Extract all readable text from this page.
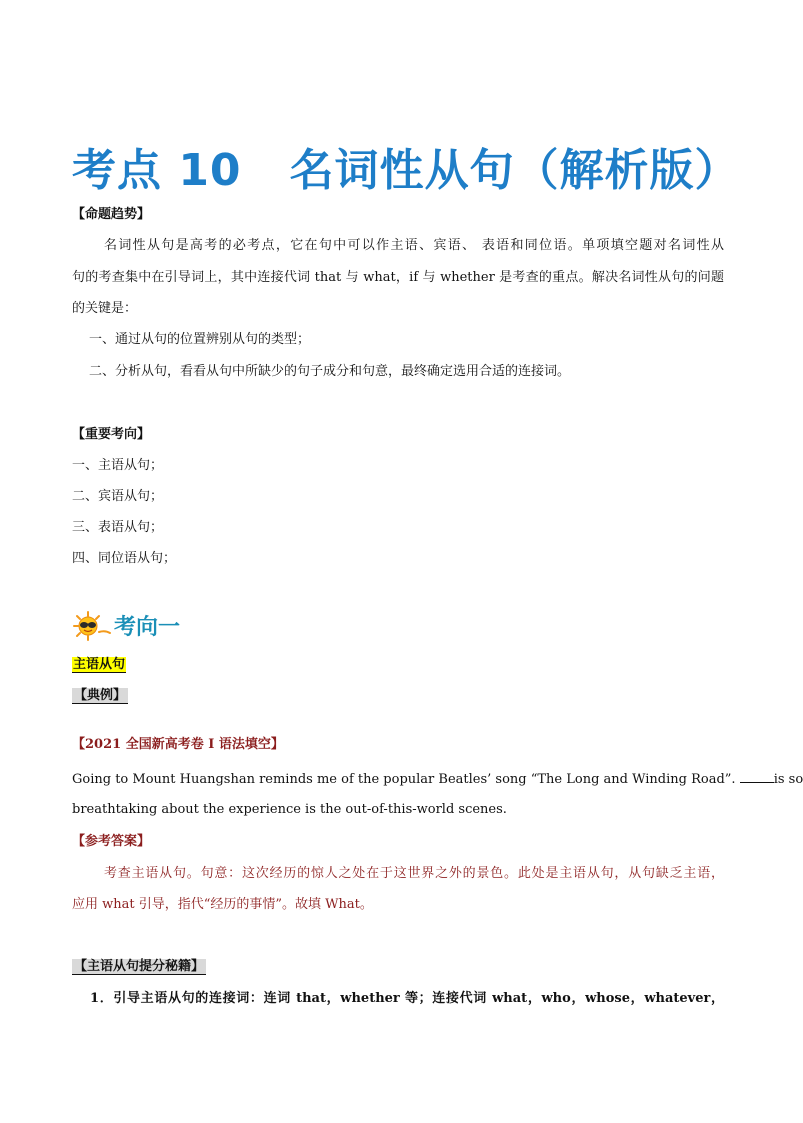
考点 10 名词性从句（解析版）
【命题趋势】
名词性从句是高考的必考点，它在句中可以作主语、宾语、 表语和同位语。单项填空题对名词性从
句的考查集中在引导词上，其中连接代词 that 与 what，if 与 whether 是考查的重点。解决名词性从句的问题
的关键是：
一、通过从句的位置辨别从句的类型；
二、分析从句，看看从句中所缺少的句子成分和句意，最终确定选用合适的连接词。
【重要考向】
一、主语从句；
二、宾语从句；
三、表语从句；
四、同位语从句；
考向一
主语从句
【典例】
【2021 全国新高考卷 I 语法填空】
Going to Mount Huangshan reminds me of the popular Beatles’ song “The Long and Winding Road”.	is so
breathtaking about the experience is the out-of-this-world scenes.
【参考答案】
考查主语从句。句意：这次经历的惊人之处在于这世界之外的景色。此处是主语从句，从句缺乏主语，
应用 what 引导，指代“经历的事情”。故填 What。
【主语从句提分秘籍】
1．引导主语从句的连接词：连词 that，whether 等；连接代词 what，who，whose，whatever，
